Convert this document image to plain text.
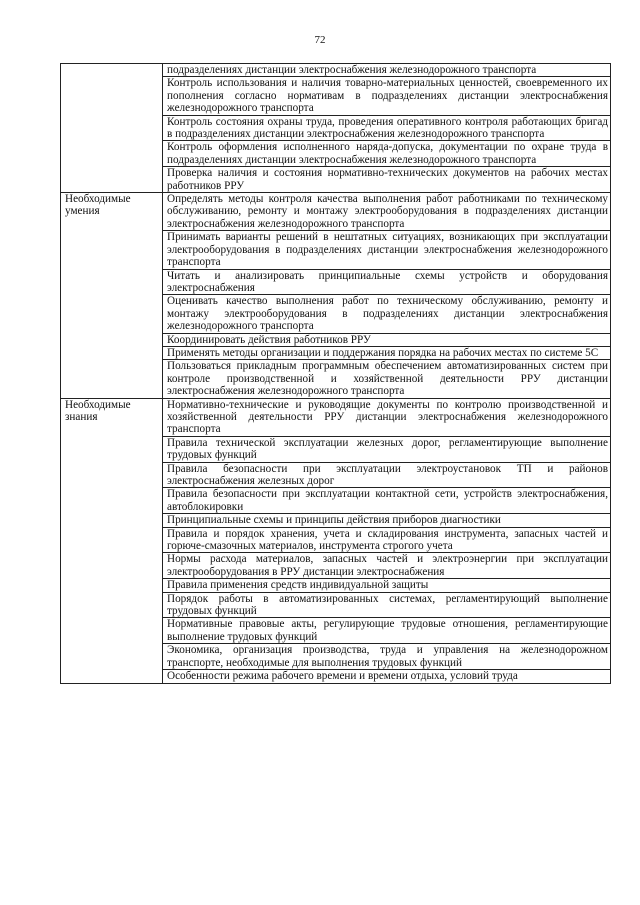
72
	подразделениях дистанции электроснабжения железнодорожного транспорта
	Контроль использования и наличия товарно-материальных ценностей, своевременного их пополнения согласно нормативам в подразделениях дистанции электроснабжения железнодорожного транспорта
	Контроль состояния охраны труда, проведения оперативного контроля работающих бригад в подразделениях дистанции электроснабжения железнодорожного транспорта
	Контроль оформления исполненного наряда-допуска, документации по охране труда в подразделениях дистанции электроснабжения железнодорожного транспорта
	Проверка наличия и состояния нормативно-технических документов на рабочих местах работников РРУ
Необходимые умения	Определять методы контроля качества выполнения работ работниками по техническому обслуживанию, ремонту и монтажу электрооборудования в подразделениях дистанции электроснабжения железнодорожного транспорта
	Принимать варианты решений в нештатных ситуациях, возникающих при эксплуатации электрооборудования в подразделениях дистанции электроснабжения железнодорожного транспорта
	Читать и анализировать принципиальные схемы устройств и оборудования электроснабжения
	Оценивать качество выполнения работ по техническому обслуживанию, ремонту и монтажу электрооборудования в подразделениях дистанции электроснабжения железнодорожного транспорта
	Координировать действия работников РРУ
	Применять методы организации и поддержания порядка на рабочих местах по системе 5С
	Пользоваться прикладным программным обеспечением автоматизированных систем при контроле производственной и хозяйственной деятельности РРУ дистанции электроснабжения железнодорожного транспорта
Необходимые знания	Нормативно-технические и руководящие документы по контролю производственной и хозяйственной деятельности РРУ дистанции электроснабжения железнодорожного транспорта
	Правила технической эксплуатации железных дорог, регламентирующие выполнение трудовых функций
	Правила безопасности при эксплуатации электроустановок ТП и районов электроснабжения железных дорог
	Правила безопасности при эксплуатации контактной сети, устройств электроснабжения, автоблокировки
	Принципиальные схемы и принципы действия приборов диагностики
	Правила и порядок хранения, учета и складирования инструмента, запасных частей и горюче-смазочных материалов, инструмента строгого учета
	Нормы расхода материалов, запасных частей и электроэнергии при эксплуатации электрооборудования в РРУ дистанции электроснабжения
	Правила применения средств индивидуальной защиты
	Порядок работы в автоматизированных системах, регламентирующий выполнение трудовых функций
	Нормативные правовые акты, регулирующие трудовые отношения, регламентирующие выполнение трудовых функций
	Экономика, организация производства, труда и управления на железнодорожном транспорте, необходимые для выполнения трудовых функций
	Особенности режима рабочего времени и времени отдыха, условий труда
